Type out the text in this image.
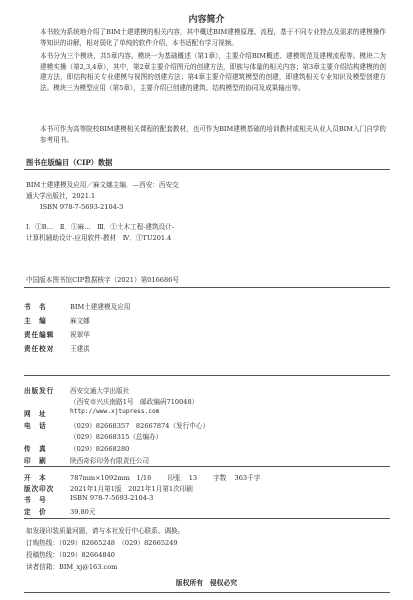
内容简介
本书较为系统地介绍了BIM土建建模的相关内容，其中概述BIM建模原理、流程，基于不同专业特点及需求的建模操作等知识的讲解，相对弱化了单纯的软件介绍，本书适配有学习视频。
本书分为三个模块，共5章内容。模块一为基础概述（第1章），主要介绍BIM概述、建模规范及建模流程等。模块二为建模实操（第2,3,4章），其中，第2章主要介绍图元的创建方法，即族与体量的相关内容；第3章主要介绍结构建模的创建方法，即结构相关专业建模与视图的创建方法；第4章主要介绍建筑模型的创建，即建筑相关专业知识及模型创建方法。模块三为模型应用（第5章），主要介绍已创建的建筑、结构模型的协同及成果输出等。
本书可作为高等院校BIM建模相关课程的配套教材，也可作为BIM建模基础的培训教材或相关从业人员BIM入门自学的参考用书。
图书在版编目（CIP）数据
BIM土建建模及应用／麻文娜主编．—西安：西安交
通大学出版社，2021.1
ISBN 978-7-5693-2104-3
Ⅰ．①B…　Ⅱ．①麻…　Ⅲ．①土木工程-建筑设计-
计算机辅助设计-应用软件-教材　Ⅳ．①TU201.4
中国版本图书馆CIP数据核字（2021）第016686号
书　名	BIM土建建模及应用
主　编	麻文娜
责任编辑	祝翠华
责任校对	王建洪
出版发行	西安交通大学出版社
（西安市兴庆南路1号　邮政编码710048）
网　址	http://www.xjtupress.com
电　话	（029）82668357　82667874（发行中心）
（029）82668315（总编办）
传　真	（029）82668280
印　刷	陕西奇彩印务有限责任公司
开　本	787mm×1092mm　1/16 印张 13 字数 363千字
版次印次	2021年1月第1版　2021年1月第1次印刷
书　号	ISBN 978-7-5693-2104-3
定　价	39.80元
如发现印装质量问题，请与本社发行中心联系、调换。
订购热线：（029）82665248　（029）82665249
投稿热线：（029）82664840
读者信箱：BIM_xj@163.com
版权所有　侵权必究
